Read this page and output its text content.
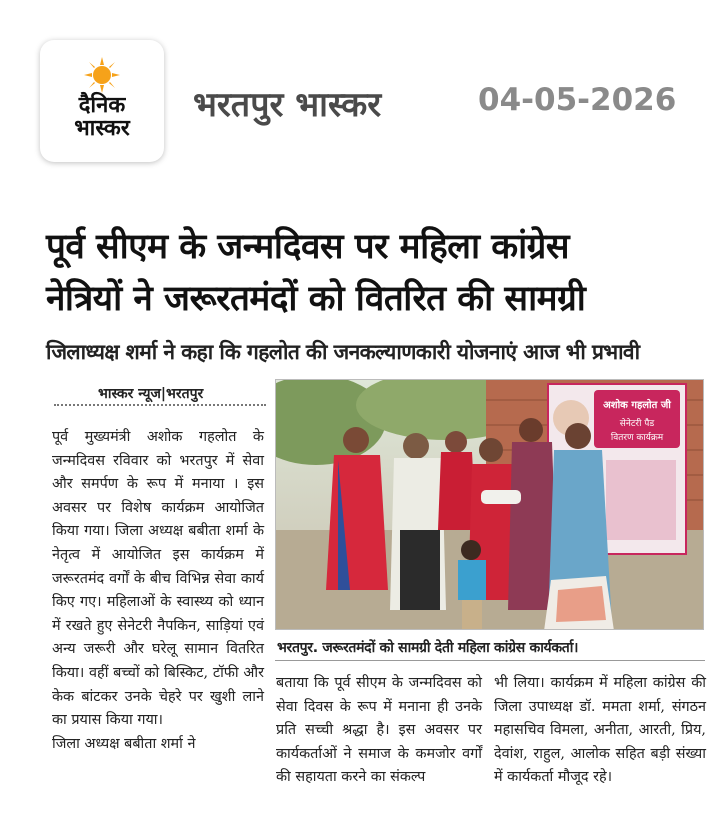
दैनिक
भास्कर
भरतपुर भास्कर	04-05-2026
पूर्व सीएम के जन्मदिवस पर महिला कांग्रेस
नेत्रियों ने जरूरतमंदों को वितरित की सामग्री
जिलाध्यक्ष शर्मा ने कहा कि गहलोत की जनकल्याणकारी योजनाएं आज भी प्रभावी
भास्कर न्यूज|भरतपुर

पूर्व मुख्यमंत्री अशोक गहलोत के जन्मदिवस रविवार को भरतपुर में सेवा और समर्पण के रूप में मनाया । इस अवसर पर विशेष कार्यक्रम आयोजित किया गया। जिला अध्यक्ष बबीता शर्मा के नेतृत्व में आयोजित इस कार्यक्रम में जरूरतमंद वर्गों के बीच विभिन्न सेवा कार्य किए गए। महिलाओं के स्वास्थ्य को ध्यान में रखते हुए सेनेटरी नैपकिन, साड़ियां एवं अन्य जरूरी और घरेलू सामान वितरित किया। वहीं बच्चों को बिस्किट, टॉफी और केक बांटकर उनके चेहरे पर खुशी लाने का प्रयास किया गया।

जिला अध्यक्ष बबीता शर्मा ने

अशोक गहलोत जी
सेनेटरी पैड
वितरण कार्यक्रम
भरतपुर. जरूरतमंदों को सामग्री देती महिला कांग्रेस कार्यकर्ता।
बताया कि पूर्व सीएम के जन्मदिवस को सेवा दिवस के रूप में मनाना ही उनके प्रति सच्ची श्रद्धा है। इस अवसर पर कार्यकर्ताओं ने समाज के कमजोर वर्गों की सहायता करने का संकल्प
भी लिया। कार्यक्रम में महिला कांग्रेस की जिला उपाध्यक्ष डॉ. ममता शर्मा, संगठन महासचिव विमला, अनीता, आरती, प्रिय, देवांश, राहुल, आलोक सहित बड़ी संख्या में कार्यकर्ता मौजूद रहे।
